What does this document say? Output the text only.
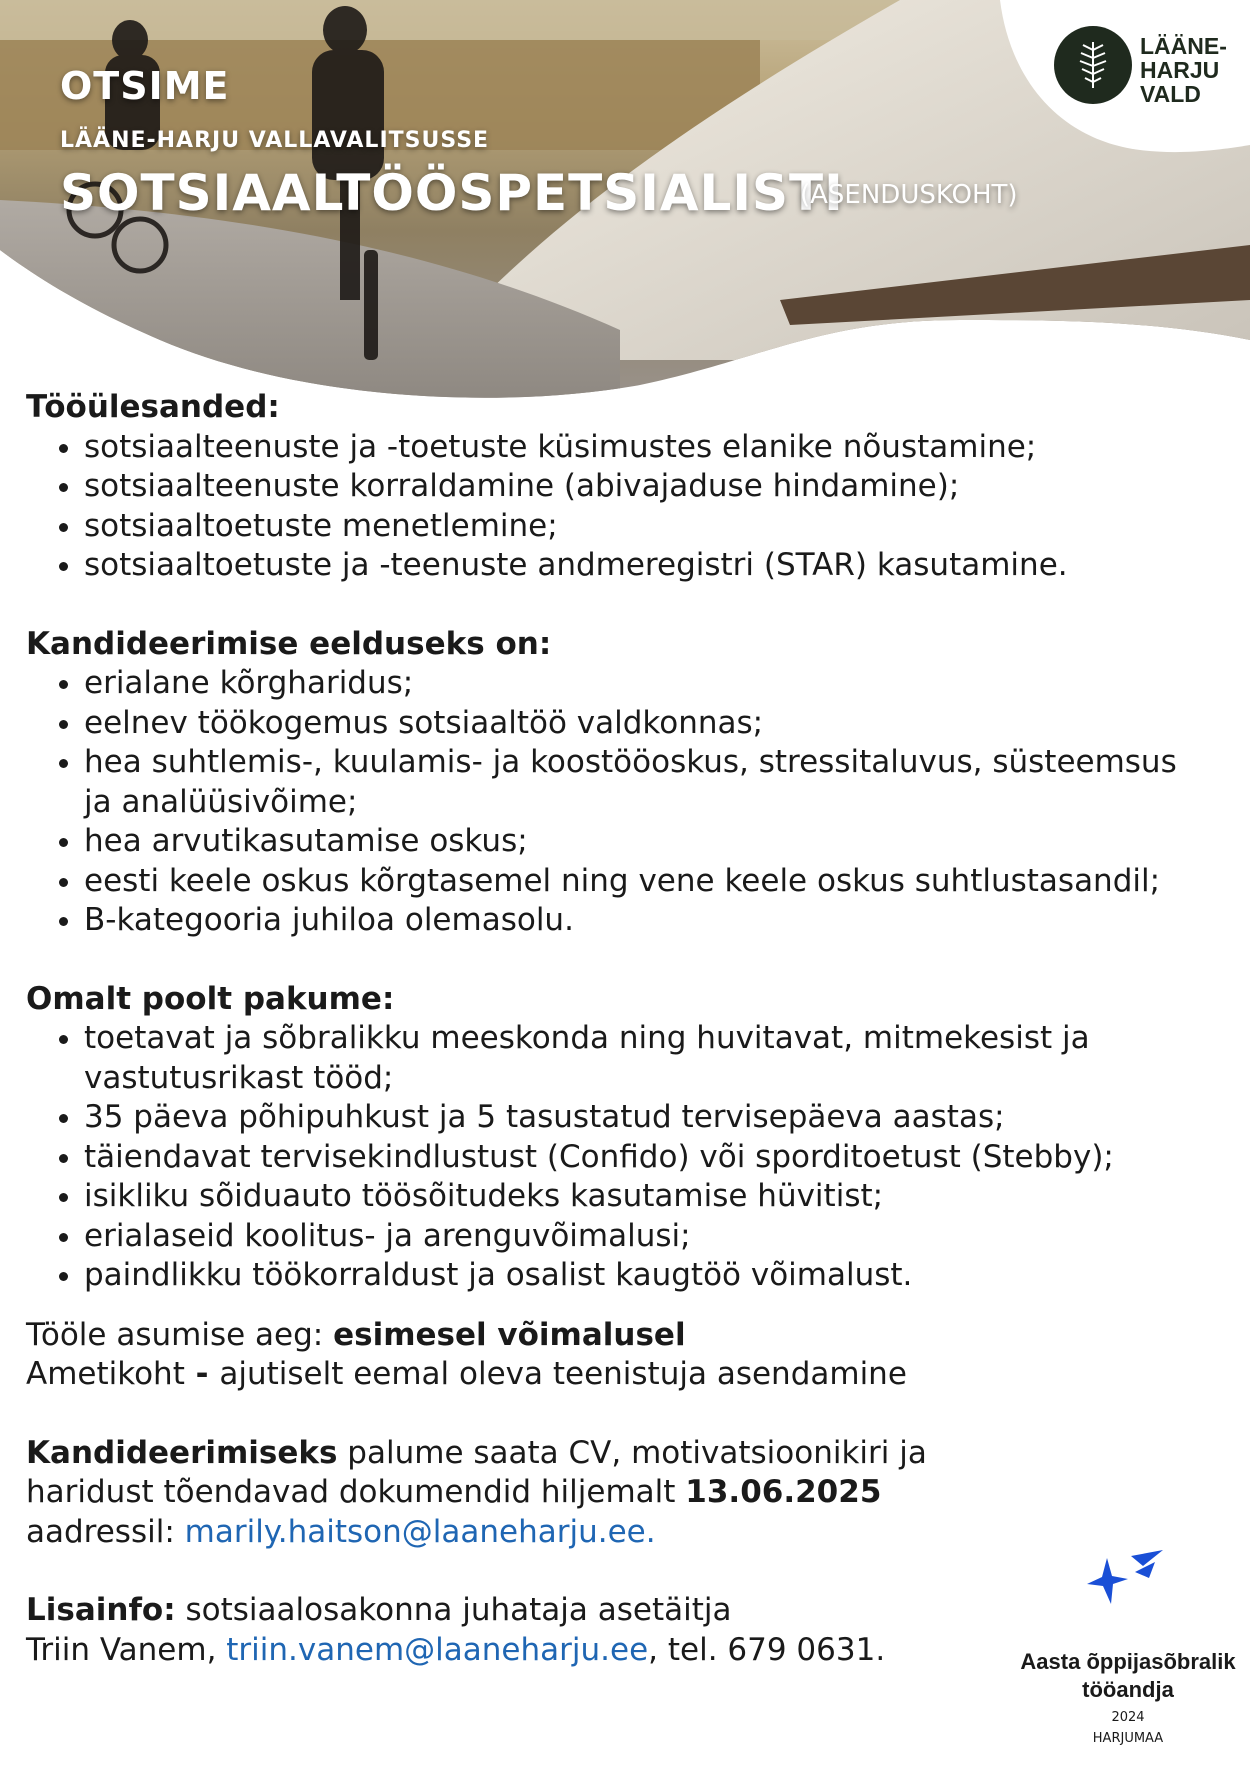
OTSIME
LÄÄNE-HARJU VALLAVALITSUSSE
SOTSIAALTÖÖSPETSIALISTI
(ASENDUSKOHT)
LÄÄNE-
HARJU
VALD
Tööülesanded:
• sotsiaalteenuste ja -toetuste küsimustes elanike nõustamine;
• sotsiaalteenuste korraldamine (abivajaduse hindamine);
• sotsiaaltoetuste menetlemine;
• sotsiaaltoetuste ja -teenuste andmeregistri (STAR) kasutamine.
Kandideerimise eelduseks on:
• erialane kõrgharidus;
• eelnev töökogemus sotsiaaltöö valdkonnas;
• hea suhtlemis-, kuulamis- ja koostööoskus, stressitaluvus, süsteemsus ja analüüsivõime;
• hea arvutikasutamise oskus;
• eesti keele oskus kõrgtasemel ning vene keele oskus suhtlustasandil;
• B-kategooria juhiloa olemasolu.
Omalt poolt pakume:
• toetavat ja sõbralikku meeskonda ning huvitavat, mitmekesist ja vastutusrikast tööd;
• 35 päeva põhipuhkust ja 5 tasustatud tervisepäeva aastas;
• täiendavat tervisekindlustust (Confido) või sporditoetust (Stebby);
• isikliku sõiduauto töösõitudeks kasutamise hüvitist;
• erialaseid koolitus- ja arenguvõimalusi;
• paindlikku töökorraldust ja osalist kaugtöö võimalust.
Tööle asumise aeg: esimesel võimalusel
Ametikoht - ajutiselt eemal oleva teenistuja asendamine
Kandideerimiseks palume saata CV, motivatsioonikiri ja
haridust tõendavad dokumendid hiljemalt 13.06.2025
aadressil: marily.haitson@laaneharju.ee.
Lisainfo: sotsiaalosakonna juhataja asetäitja
Triin Vanem, triin.vanem@laaneharju.ee, tel. 679 0631.	Aasta õppijasõbralik tööandja
2024
HARJUMAA
